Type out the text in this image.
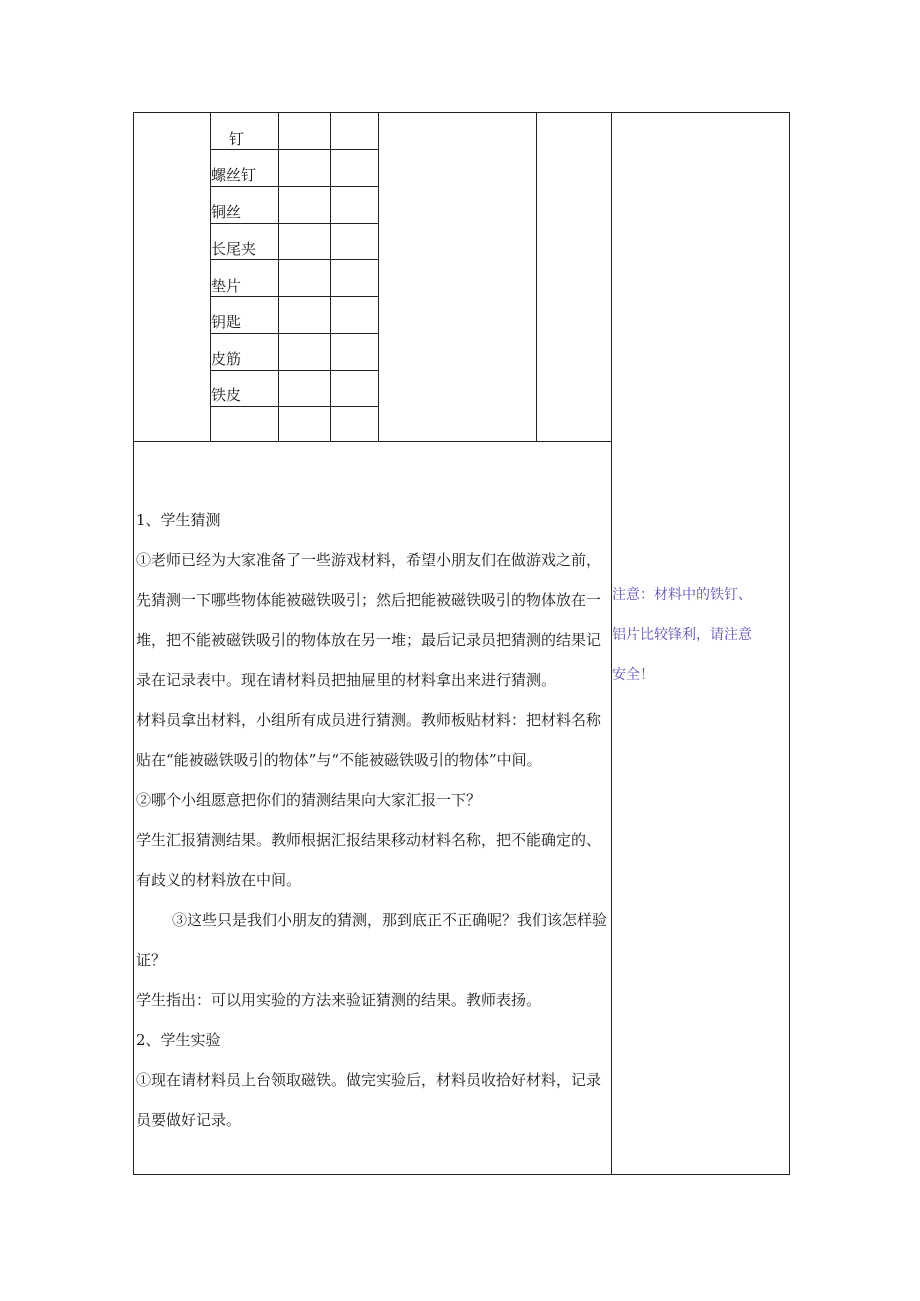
钉
螺丝钉
铜丝
长尾夹
垫片
钥匙
皮筋
铁皮

1、学生猜测

①老师已经为大家准备了一些游戏材料，希望小朋友们在做游戏之前，

先猜测一下哪些物体能被磁铁吸引；然后把能被磁铁吸引的物体放在一

堆，把不能被磁铁吸引的物体放在另一堆；最后记录员把猜测的结果记

录在记录表中。现在请材料员把抽屉里的材料拿出来进行猜测。

材料员拿出材料，小组所有成员进行猜测。教师板贴材料：把材料名称

贴在“能被磁铁吸引的物体”与“不能被磁铁吸引的物体”中间。

②哪个小组愿意把你们的猜测结果向大家汇报一下？

学生汇报猜测结果。教师根据汇报结果移动材料名称，把不能确定的、

有歧义的材料放在中间。

③这些只是我们小朋友的猜测，那到底正不正确呢？我们该怎样验

证？

学生指出：可以用实验的方法来验证猜测的结果。教师表扬。

2、学生实验

①现在请材料员上台领取磁铁。做完实验后，材料员收拾好材料，记录

员要做好记录。

注意：材料中的铁钉、
铝片比较锋利，请注意
安全！
